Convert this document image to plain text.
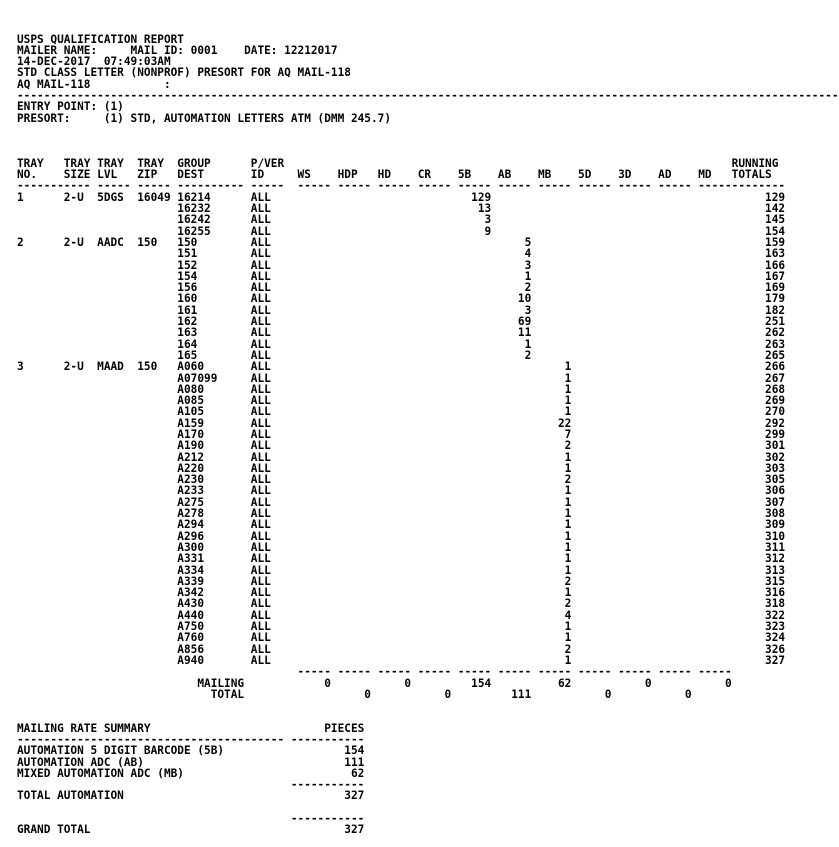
USPS QUALIFICATION REPORT
MAILER NAME:     MAIL ID: 0001    DATE: 12212017
14-DEC-2017  07:49:03AM
STD CLASS LETTER (NONPROF) PRESORT FOR AQ MAIL-118
AQ MAIL-118           :
---------------------------------------------------------------------------------------------------------------------------
ENTRY POINT: (1)
PRESORT:     (1) STD, AUTOMATION LETTERS ATM (DMM 245.7)

TRAY   TRAY TRAY  TRAY  GROUP      P/VER                                                                   RUNNING
NO.    SIZE LVL   ZIP   DEST       ID     WS    HDP   HD    CR    5B    AB    MB    5D    3D    AD    MD   TOTALS
----------- ----- ----- ---------- -----  ----- ----- ----- ----- ----- ----- ----- ----- ----- ----- -------------
1      2-U  5DGS  16049 16214      ALL                              129                                         129
16232      ALL                               13                                         142
16242      ALL                                3                                         145
16255      ALL                                9                                         154
2      2-U  AADC  150   150        ALL                                      5                                   159
151        ALL                                      4                                   163
152        ALL                                      3                                   166
154        ALL                                      1                                   167
156        ALL                                      2                                   169
160        ALL                                     10                                   179
161        ALL                                      3                                   182
162        ALL                                     69                                   251
163        ALL                                     11                                   262
164        ALL                                      1                                   263
165        ALL                                      2                                   265
3      2-U  MAAD  150   A060       ALL                                            1                             266
A07099     ALL                                            1                             267
A080       ALL                                            1                             268
A085       ALL                                            1                             269
A105       ALL                                            1                             270
A159       ALL                                           22                             292
A170       ALL                                            7                             299
A190       ALL                                            2                             301
A212       ALL                                            1                             302
A220       ALL                                            1                             303
A230       ALL                                            2                             305
A233       ALL                                            1                             306
A275       ALL                                            1                             307
A278       ALL                                            1                             308
A294       ALL                                            1                             309
A296       ALL                                            1                             310
A300       ALL                                            1                             311
A331       ALL                                            1                             312
A334       ALL                                            1                             313
A339       ALL                                            2                             315
A342       ALL                                            1                             316
A430       ALL                                            2                             318
A440       ALL                                            4                             322
A750       ALL                                            1                             323
A760       ALL                                            1                             324
A856       ALL                                            2                             326
A940       ALL                                            1                             327
----- ----- ----- ----- ----- ----- ----- ----- ----- ----- -----
MAILING            0           0         154          62           0           0
TOTAL                  0           0         111           0           0

MAILING RATE SUMMARY                          PIECES
---------------------------------------- -----------
AUTOMATION 5 DIGIT BARCODE (5B)                  154
AUTOMATION ADC (AB)                              111
MIXED AUTOMATION ADC (MB)                         62
-----------
TOTAL AUTOMATION                                 327

-----------
GRAND TOTAL                                      327
